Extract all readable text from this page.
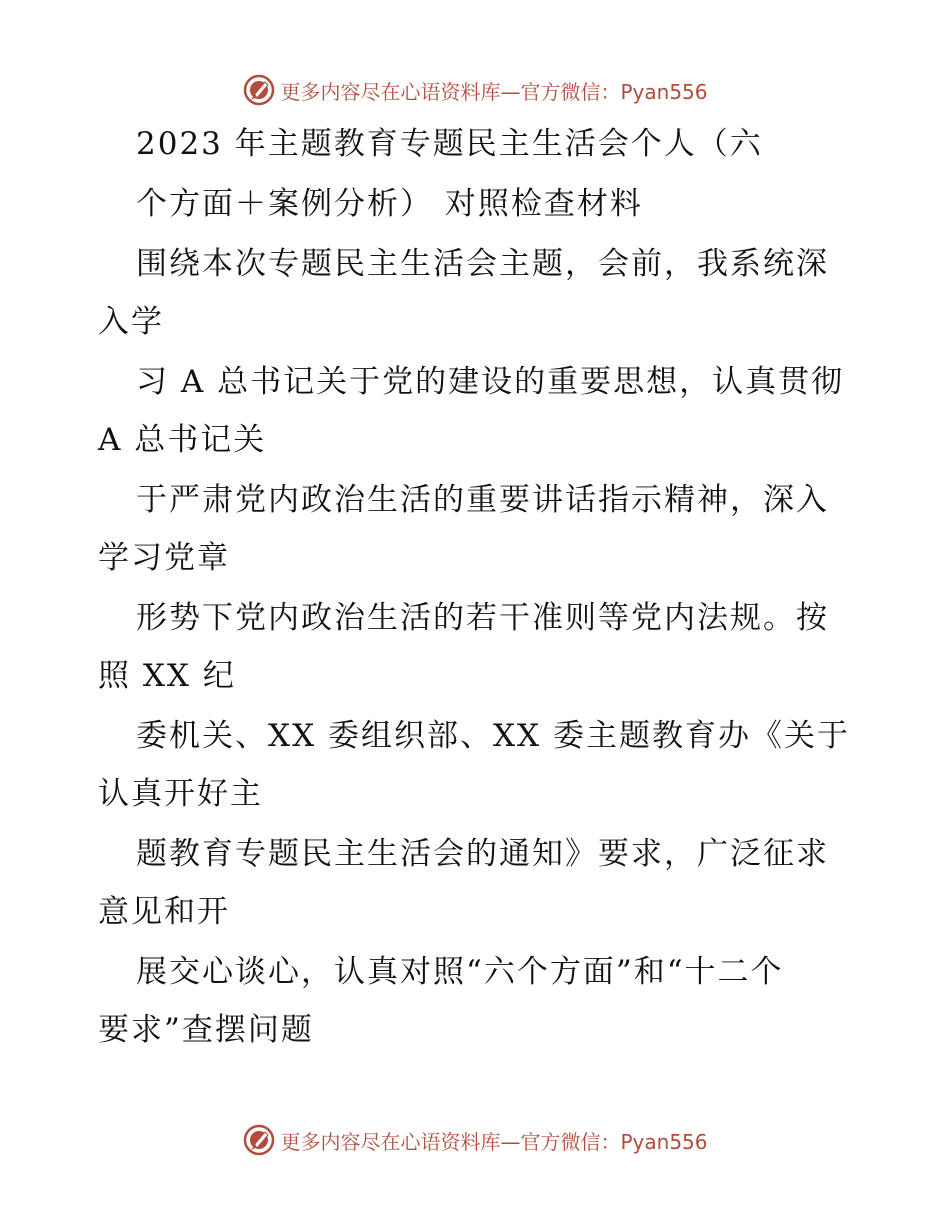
更多内容尽在心语资料库—官方微信：Pyan556
2023 年主题教育专题民主生活会个人（六
个方面＋案例分析） 对照检查材料
围绕本次专题民主生活会主题，会前，我系统深
入学
习 A 总书记关于党的建设的重要思想，认真贯彻
A 总书记关
于严肃党内政治生活的重要讲话指示精神，深入
学习党章
形势下党内政治生活的若干准则等党内法规。按
照 XX 纪
委机关、XX 委组织部、XX 委主题教育办《关于
认真开好主
题教育专题民主生活会的通知》要求，广泛征求
意见和开
展交心谈心，认真对照“六个方面”和“十二个
要求”查摆问题
更多内容尽在心语资料库—官方微信：Pyan556
